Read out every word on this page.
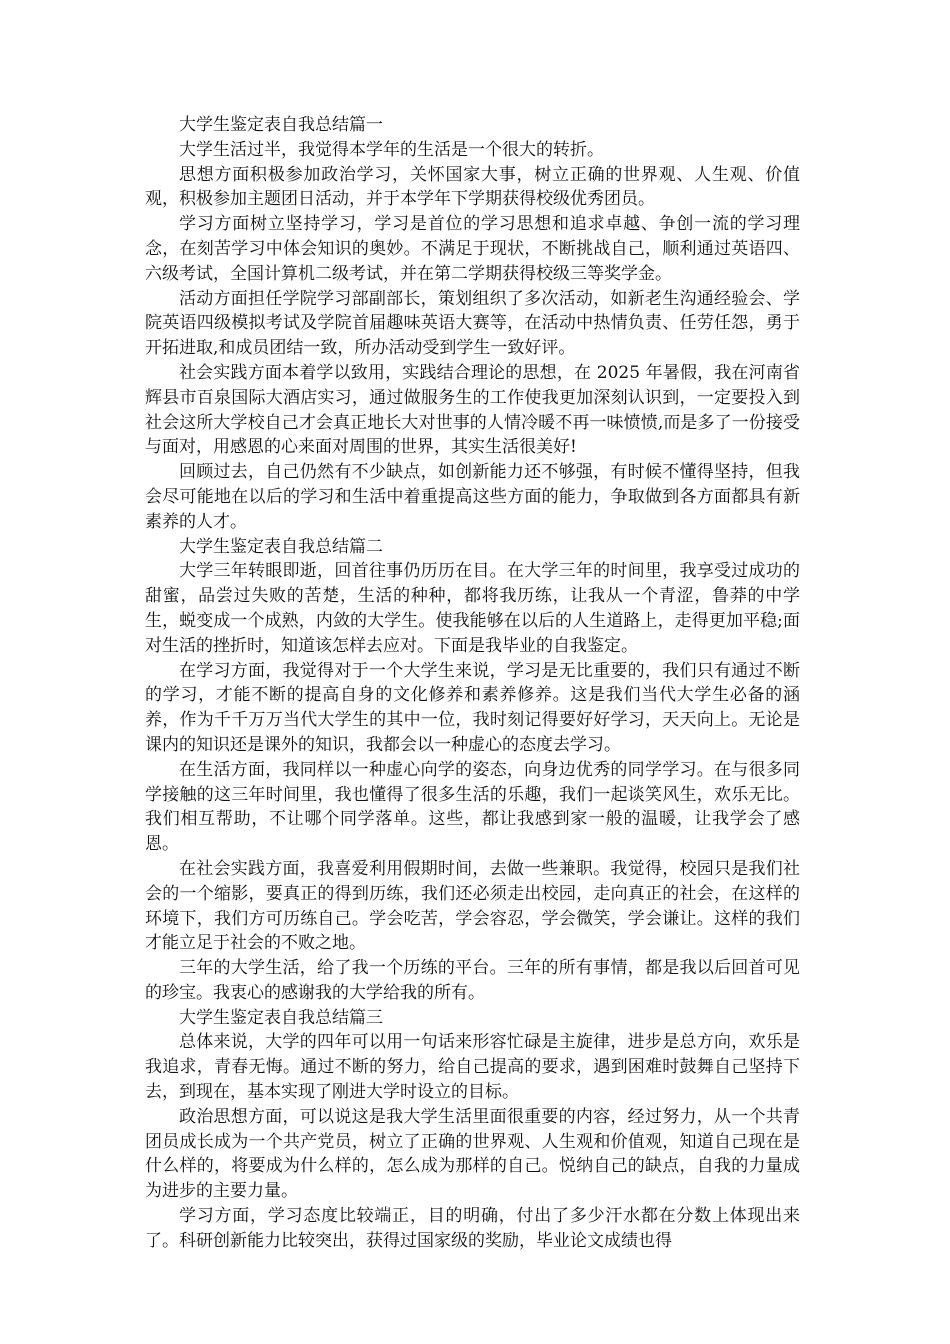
大学生鉴定表自我总结篇一

大学生活过半，我觉得本学年的生活是一个很大的转折。

思想方面积极参加政治学习，关怀国家大事，树立正确的世界观、人生观、价值观，积极参加主题团日活动，并于本学年下学期获得校级优秀团员。

学习方面树立坚持学习，学习是首位的学习思想和追求卓越、争创一流的学习理念，在刻苦学习中体会知识的奥妙。不满足于现状，不断挑战自己，顺利通过英语四、六级考试，全国计算机二级考试，并在第二学期获得校级三等奖学金。

活动方面担任学院学习部副部长，策划组织了多次活动，如新老生沟通经验会、学院英语四级模拟考试及学院首届趣味英语大赛等，在活动中热情负责、任劳任怨，勇于开拓进取,和成员团结一致，所办活动受到学生一致好评。

社会实践方面本着学以致用，实践结合理论的思想，在 2025 年暑假，我在河南省辉县市百泉国际大酒店实习，通过做服务生的工作使我更加深刻认识到，一定要投入到社会这所大学校自己才会真正地长大对世事的人情冷暖不再一味愤愤,而是多了一份接受与面对，用感恩的心来面对周围的世界，其实生活很美好!

回顾过去，自己仍然有不少缺点，如创新能力还不够强，有时候不懂得坚持，但我会尽可能地在以后的学习和生活中着重提高这些方面的能力，争取做到各方面都具有新素养的人才。

大学生鉴定表自我总结篇二

大学三年转眼即逝，回首往事仍历历在目。在大学三年的时间里，我享受过成功的甜蜜，品尝过失败的苦楚，生活的种种，都将我历练，让我从一个青涩，鲁莽的中学生，蜕变成一个成熟，内敛的大学生。使我能够在以后的人生道路上，走得更加平稳;面对生活的挫折时，知道该怎样去应对。下面是我毕业的自我鉴定。

在学习方面，我觉得对于一个大学生来说，学习是无比重要的，我们只有通过不断的学习，才能不断的提高自身的文化修养和素养修养。这是我们当代大学生必备的涵养，作为千千万万当代大学生的其中一位，我时刻记得要好好学习，天天向上。无论是课内的知识还是课外的知识，我都会以一种虚心的态度去学习。

在生活方面，我同样以一种虚心向学的姿态，向身边优秀的同学学习。在与很多同学接触的这三年时间里，我也懂得了很多生活的乐趣，我们一起谈笑风生，欢乐无比。我们相互帮助，不让哪个同学落单。这些，都让我感到家一般的温暖，让我学会了感恩。

在社会实践方面，我喜爱利用假期时间，去做一些兼职。我觉得，校园只是我们社会的一个缩影，要真正的得到历练，我们还必须走出校园，走向真正的社会，在这样的环境下，我们方可历练自己。学会吃苦，学会容忍，学会微笑，学会谦让。这样的我们才能立足于社会的不败之地。

三年的大学生活，给了我一个历练的平台。三年的所有事情，都是我以后回首可见的珍宝。我衷心的感谢我的大学给我的所有。

大学生鉴定表自我总结篇三

总体来说，大学的四年可以用一句话来形容忙碌是主旋律，进步是总方向，欢乐是我追求，青春无悔。通过不断的努力，给自己提高的要求，遇到困难时鼓舞自己坚持下去，到现在，基本实现了刚进大学时设立的目标。

政治思想方面，可以说这是我大学生活里面很重要的内容，经过努力，从一个共青团员成长成为一个共产党员，树立了正确的世界观、人生观和价值观，知道自己现在是什么样的，将要成为什么样的，怎么成为那样的自己。悦纳自己的缺点，自我的力量成为进步的主要力量。

学习方面，学习态度比较端正，目的明确，付出了多少汗水都在分数上体现出来了。科研创新能力比较突出，获得过国家级的奖励，毕业论文成绩也得
